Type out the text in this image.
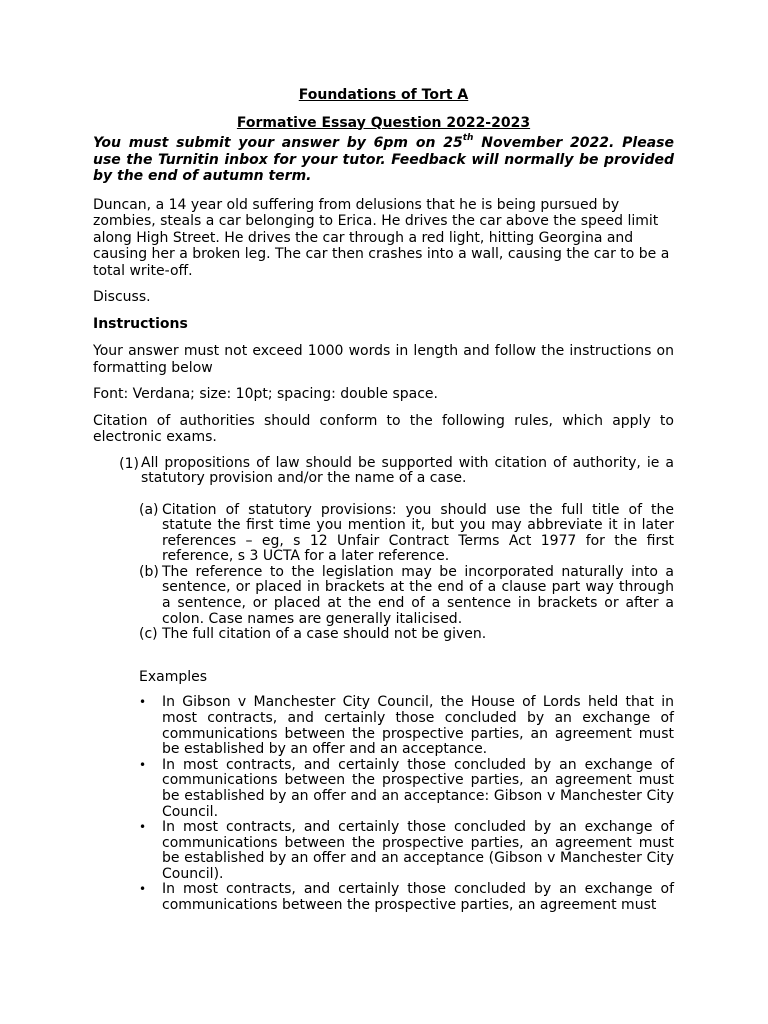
Foundations of Tort A

Formative Essay Question 2022-2023

You must submit your answer by 6pm on 25th November 2022. Please use the Turnitin inbox for your tutor. Feedback will normally be provided by the end of autumn term.

Duncan, a 14 year old suffering from delusions that he is being pursued by zombies, steals a car belonging to Erica. He drives the car above the speed limit along High Street. He drives the car through a red light, hitting Georgina and causing her a broken leg. The car then crashes into a wall, causing the car to be a total write-off.

Discuss.

Instructions

Your answer must not exceed 1000 words in length and follow the instructions on formatting below

Font: Verdana; size: 10pt; spacing: double space.

Citation of authorities should conform to the following rules, which apply to electronic exams.

(1) All propositions of law should be supported with citation of authority, ie a statutory provision and/or the name of a case.
(a) Citation of statutory provisions: you should use the full title of the statute the first time you mention it, but you may abbreviate it in later references – eg, s 12 Unfair Contract Terms Act 1977 for the first reference, s 3 UCTA for a later reference.
(b) The reference to the legislation may be incorporated naturally into a sentence, or placed in brackets at the end of a clause part way through a sentence, or placed at the end of a sentence in brackets or after a colon. Case names are generally italicised.
(c) The full citation of a case should not be given.

Examples

•	In Gibson v Manchester City Council, the House of Lords held that in most contracts, and certainly those concluded by an exchange of communications between the prospective parties, an agreement must be established by an offer and an acceptance.
•	In most contracts, and certainly those concluded by an exchange of communications between the prospective parties, an agreement must be established by an offer and an acceptance: Gibson v Manchester City Council.
•	In most contracts, and certainly those concluded by an exchange of communications between the prospective parties, an agreement must be established by an offer and an acceptance (Gibson v Manchester City Council).
•	In most contracts, and certainly those concluded by an exchange of communications between the prospective parties, an agreement must
